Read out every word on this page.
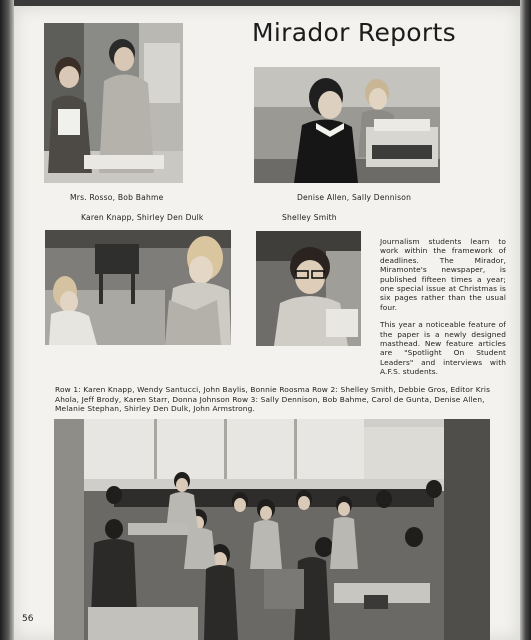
Mirador Reports
Mrs. Rosso, Bob Bahme	Denise Allen, Sally Dennison
Karen Knapp, Shirley Den Dulk	Shelley Smith

Journalism students learn to work within the framework of deadlines. The Mirador, Miramonte's newspaper, is published fifteen times a year; one special issue at Christmas is six pages rather than the usual four.

This year a noticeable feature of the paper is a newly designed masthead. New feature articles are "Spotlight On Student Leaders" and interviews with A.F.S. students.

Row 1: Karen Knapp, Wendy Santucci, John Baylis, Bonnie Roosma Row 2: Shelley Smith, Debbie Gros, Editor Kris Ahola, Jeff Brody, Karen Starr, Donna Johnson Row 3: Sally Dennison, Bob Bahme, Carol de Gunta, Denise Allen, Melanie Stephan, Shirley Den Dulk, John Armstrong.
56
